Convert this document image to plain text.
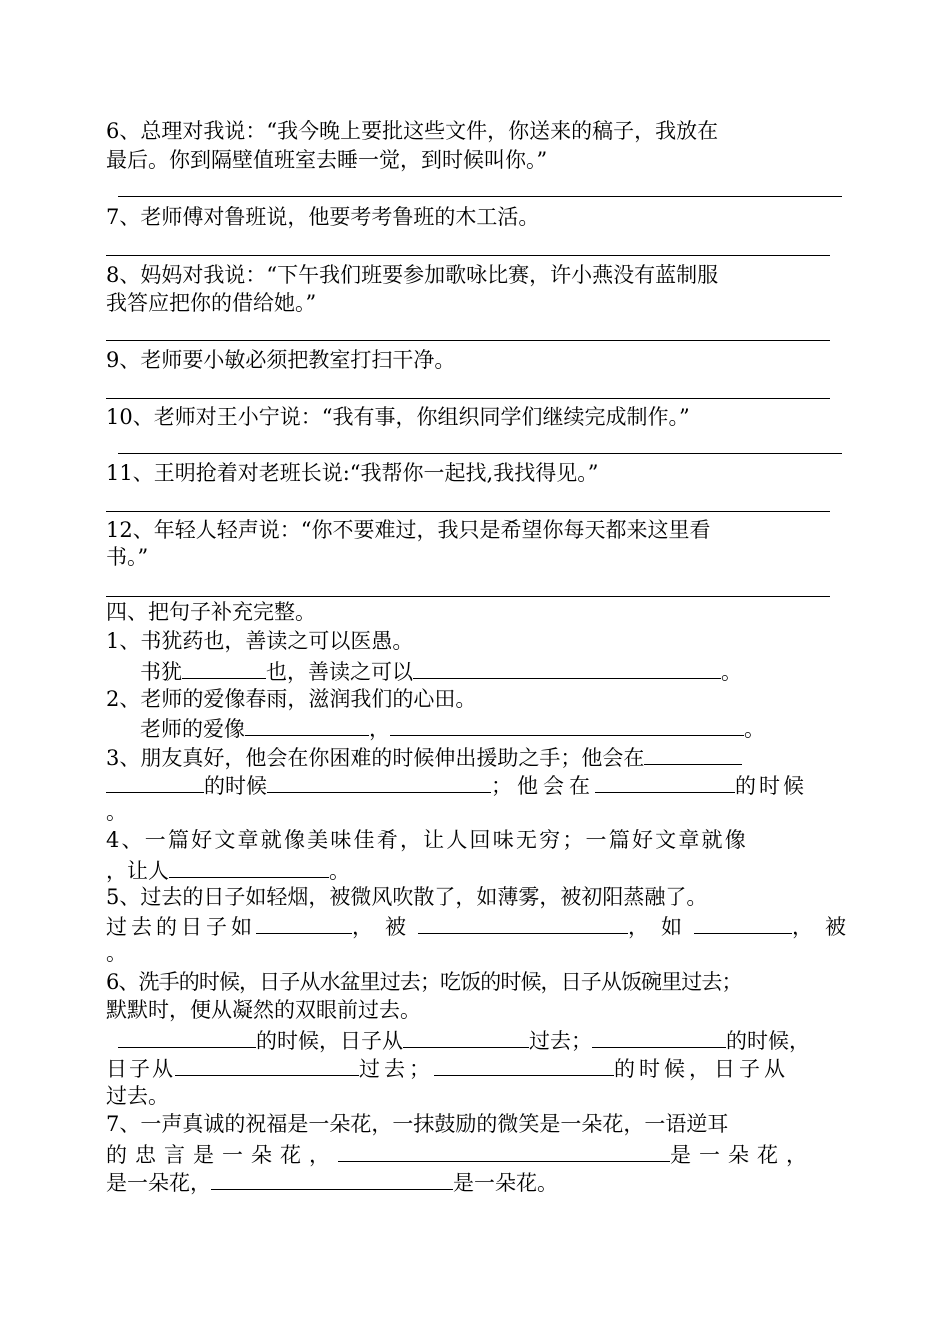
6、总理对我说：“我今晚上要批这些文件，你送来的稿子，我放在
最后。你到隔壁值班室去睡一觉，到时候叫你。”
7、老师傅对鲁班说，他要考考鲁班的木工活。
8、妈妈对我说：“下午我们班要参加歌咏比赛，许小燕没有蓝制服
我答应把你的借给她。”
9、老师要小敏必须把教室打扫干净。
10、老师对王小宁说：“我有事，你组织同学们继续完成制作。”
11、王明抢着对老班长说:“我帮你一起找,我找得见。”
12、年轻人轻声说：“你不要难过，我只是希望你每天都来这里看
书。”
四、把句子补充完整。
1、书犹药也，善读之可以医愚。
书犹	也，善读之可以	。
2、老师的爱像春雨，滋润我们的心田。
老师的爱像	，	。
3、朋友真好，他会在你困难的时候伸出援助之手；他会在
的时候	；他会在	的时候
。
4、一篇好文章就像美味佳肴，让人回味无穷；一篇好文章就像
，让人	。
5、过去的日子如轻烟，被微风吹散了，如薄雾，被初阳蒸融了。
过去的日子如	，被	，如	，被
。
6、洗手的时候，日子从水盆里过去；吃饭的时候，日子从饭碗里过去；
默默时，便从凝然的双眼前过去。
的时候，日子从	过去；	的时候，
日子从	过去；	的时候，日子从
过去。
7、一声真诚的祝福是一朵花，一抹鼓励的微笑是一朵花，一语逆耳
的忠言是一朵花，	是一朵花，
是一朵花，	是一朵花。
